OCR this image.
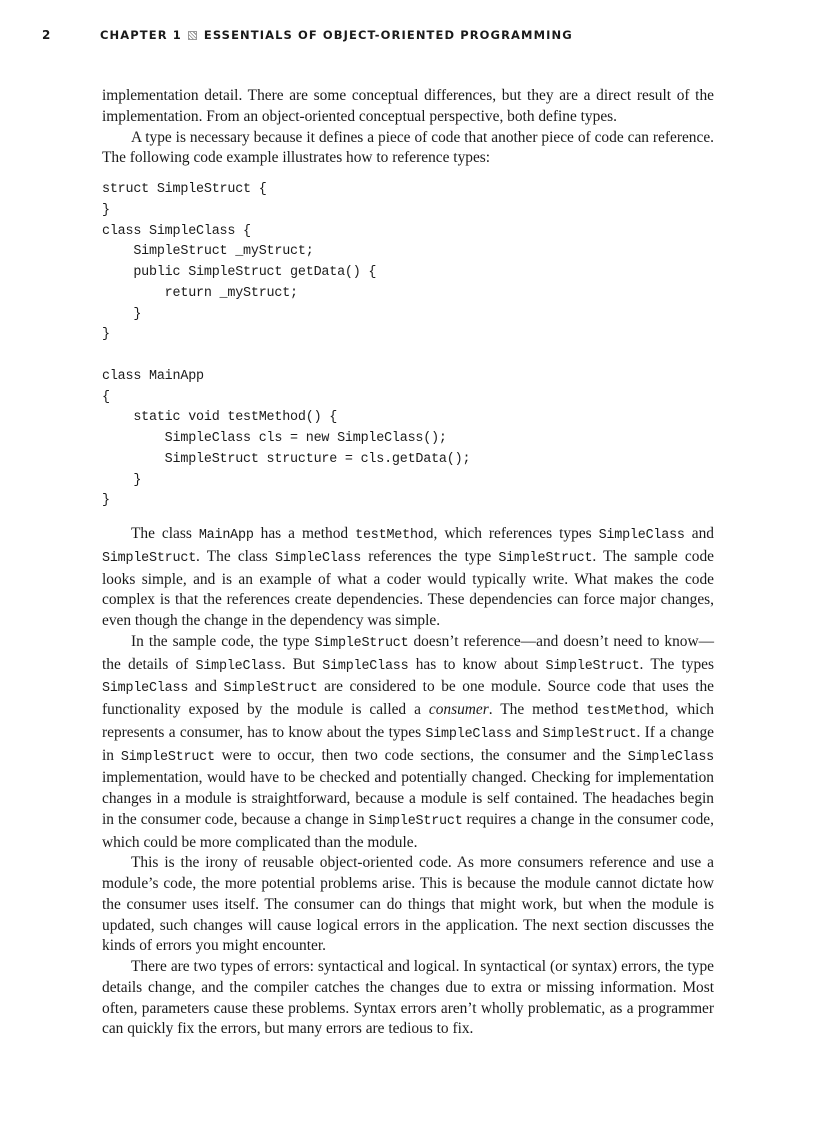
2	CHAPTER 1 ESSENTIALS OF OBJECT-ORIENTED PROGRAMMING

implementation detail. There are some conceptual differences, but they are a direct result of the implementation. From an object-oriented conceptual perspective, both define types.

A type is necessary because it defines a piece of code that another piece of code can reference. The following code example illustrates how to reference types:

struct SimpleStruct {
}
class SimpleClass {
SimpleStruct _myStruct;
public SimpleStruct getData() {
return _myStruct;
}
}

class MainApp
{
static void testMethod() {
SimpleClass cls = new SimpleClass();
SimpleStruct structure = cls.getData();
}
}

The class MainApp has a method testMethod, which references types SimpleClass and SimpleStruct. The class SimpleClass references the type SimpleStruct. The sample code looks simple, and is an example of what a coder would typically write. What makes the code complex is that the references create dependencies. These dependencies can force major changes, even though the change in the dependency was simple.

In the sample code, the type SimpleStruct doesn’t reference—and doesn’t need to know—the details of SimpleClass. But SimpleClass has to know about SimpleStruct. The types SimpleClass and SimpleStruct are considered to be one module. Source code that uses the functionality exposed by the module is called a consumer. The method testMethod, which represents a consumer, has to know about the types SimpleClass and SimpleStruct. If a change in SimpleStruct were to occur, then two code sections, the consumer and the SimpleClass implementation, would have to be checked and potentially changed. Checking for implementation changes in a module is straightforward, because a module is self contained. The headaches begin in the consumer code, because a change in SimpleStruct requires a change in the consumer code, which could be more complicated than the module.

This is the irony of reusable object-oriented code. As more consumers reference and use a module’s code, the more potential problems arise. This is because the module cannot dictate how the consumer uses itself. The consumer can do things that might work, but when the module is updated, such changes will cause logical errors in the application. The next section discusses the kinds of errors you might encounter.

There are two types of errors: syntactical and logical. In syntactical (or syntax) errors, the type details change, and the compiler catches the changes due to extra or missing information. Most often, parameters cause these problems. Syntax errors aren’t wholly problematic, as a programmer can quickly fix the errors, but many errors are tedious to fix.
